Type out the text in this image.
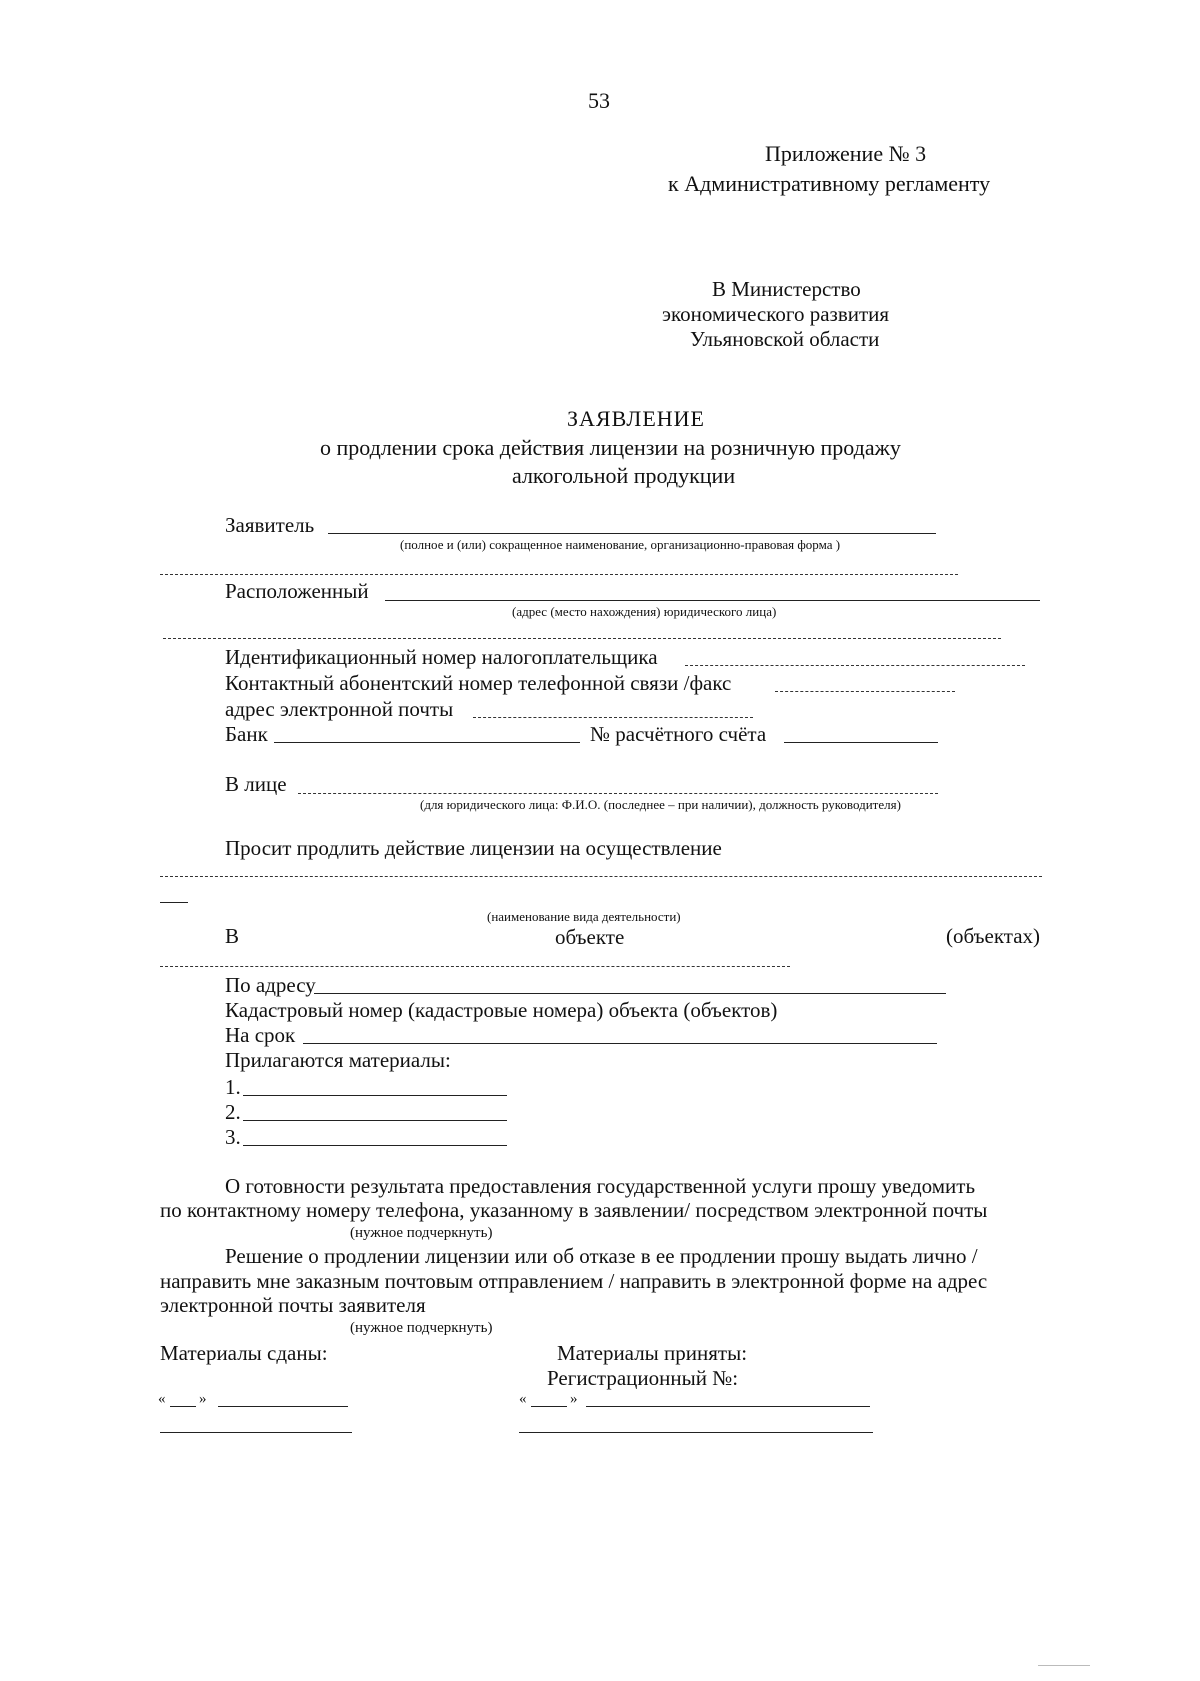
53
Приложение № 3
к Административному регламенту
В Министерство
экономического развития
Ульяновской области
ЗАЯВЛЕНИЕ
о продлении срока действия лицензии на розничную продажу
алкогольной продукции
Заявитель
(полное и (или) сокращенное наименование, организационно-правовая форма )
Расположенный
(адрес (место нахождения) юридического лица)
Идентификационный номер налогоплательщика
Контактный абонентский номер телефонной связи /факс
адрес электронной почты
Банк	№ расчётного счёта
В лице
(для юридического лица: Ф.И.О. (последнее – при наличии), должность руководителя)
Просит продлить действие лицензии на осуществление
(наименование вида деятельности)
В	объекте	(объектах)
По адресу
Кадастровый номер (кадастровые номера) объекта (объектов)
На срок
Прилагаются материалы:
1.
2.
3.
О готовности результата предоставления государственной услуги прошу уведомить
по контактному номеру телефона, указанному в заявлении/ посредством электронной почты
(нужное подчеркнуть)
Решение о продлении лицензии или об отказе в ее продлении прошу выдать лично /
направить мне заказным почтовым отправлением / направить в электронной форме на адрес
электронной почты заявителя
(нужное подчеркнуть)
Материалы сданы:	Материалы приняты:
Регистрационный №:
« »	«	»
